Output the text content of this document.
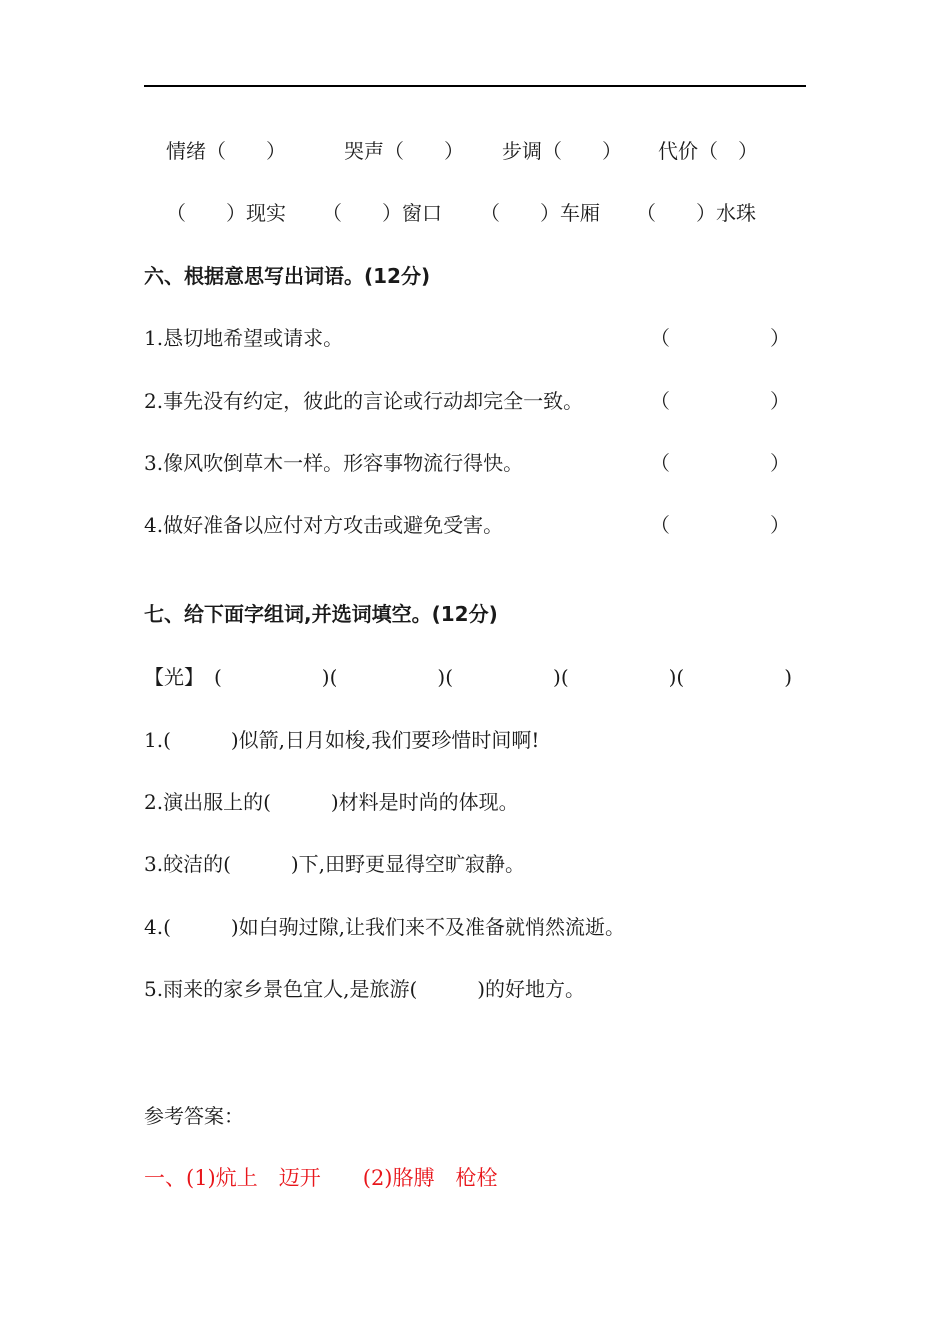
情绪（　　）	哭声（　　） 步调（　　） 代价（　）
（　　）现实 （　　）窗口 （　　）车厢 （　　）水珠
六、根据意思写出词语。(12分)
1.恳切地希望或请求。	（　　　　　）
2.事先没有约定，彼此的言论或行动却完全一致。	（　　　　　）
3.像风吹倒草木一样。形容事物流行得快。	（　　　　　）
4.做好准备以应付对方攻击或避免受害。	（　　　　　）
七、给下面字组词,并选词填空。(12分)
【光】　(　　　　　)(　　　　　)(　　　　　)(　　　　　)(　　　　　)
1.(　　　)似箭,日月如梭,我们要珍惜时间啊!
2.演出服上的(　　　)材料是时尚的体现。
3.皎洁的(　　　)下,田野更显得空旷寂静。
4.(　　　)如白驹过隙,让我们来不及准备就悄然流逝。
5.雨来的家乡景色宜人,是旅游(　　　)的好地方。
参考答案：
一、(1)炕上　迈开　　(2)胳膊　枪栓
